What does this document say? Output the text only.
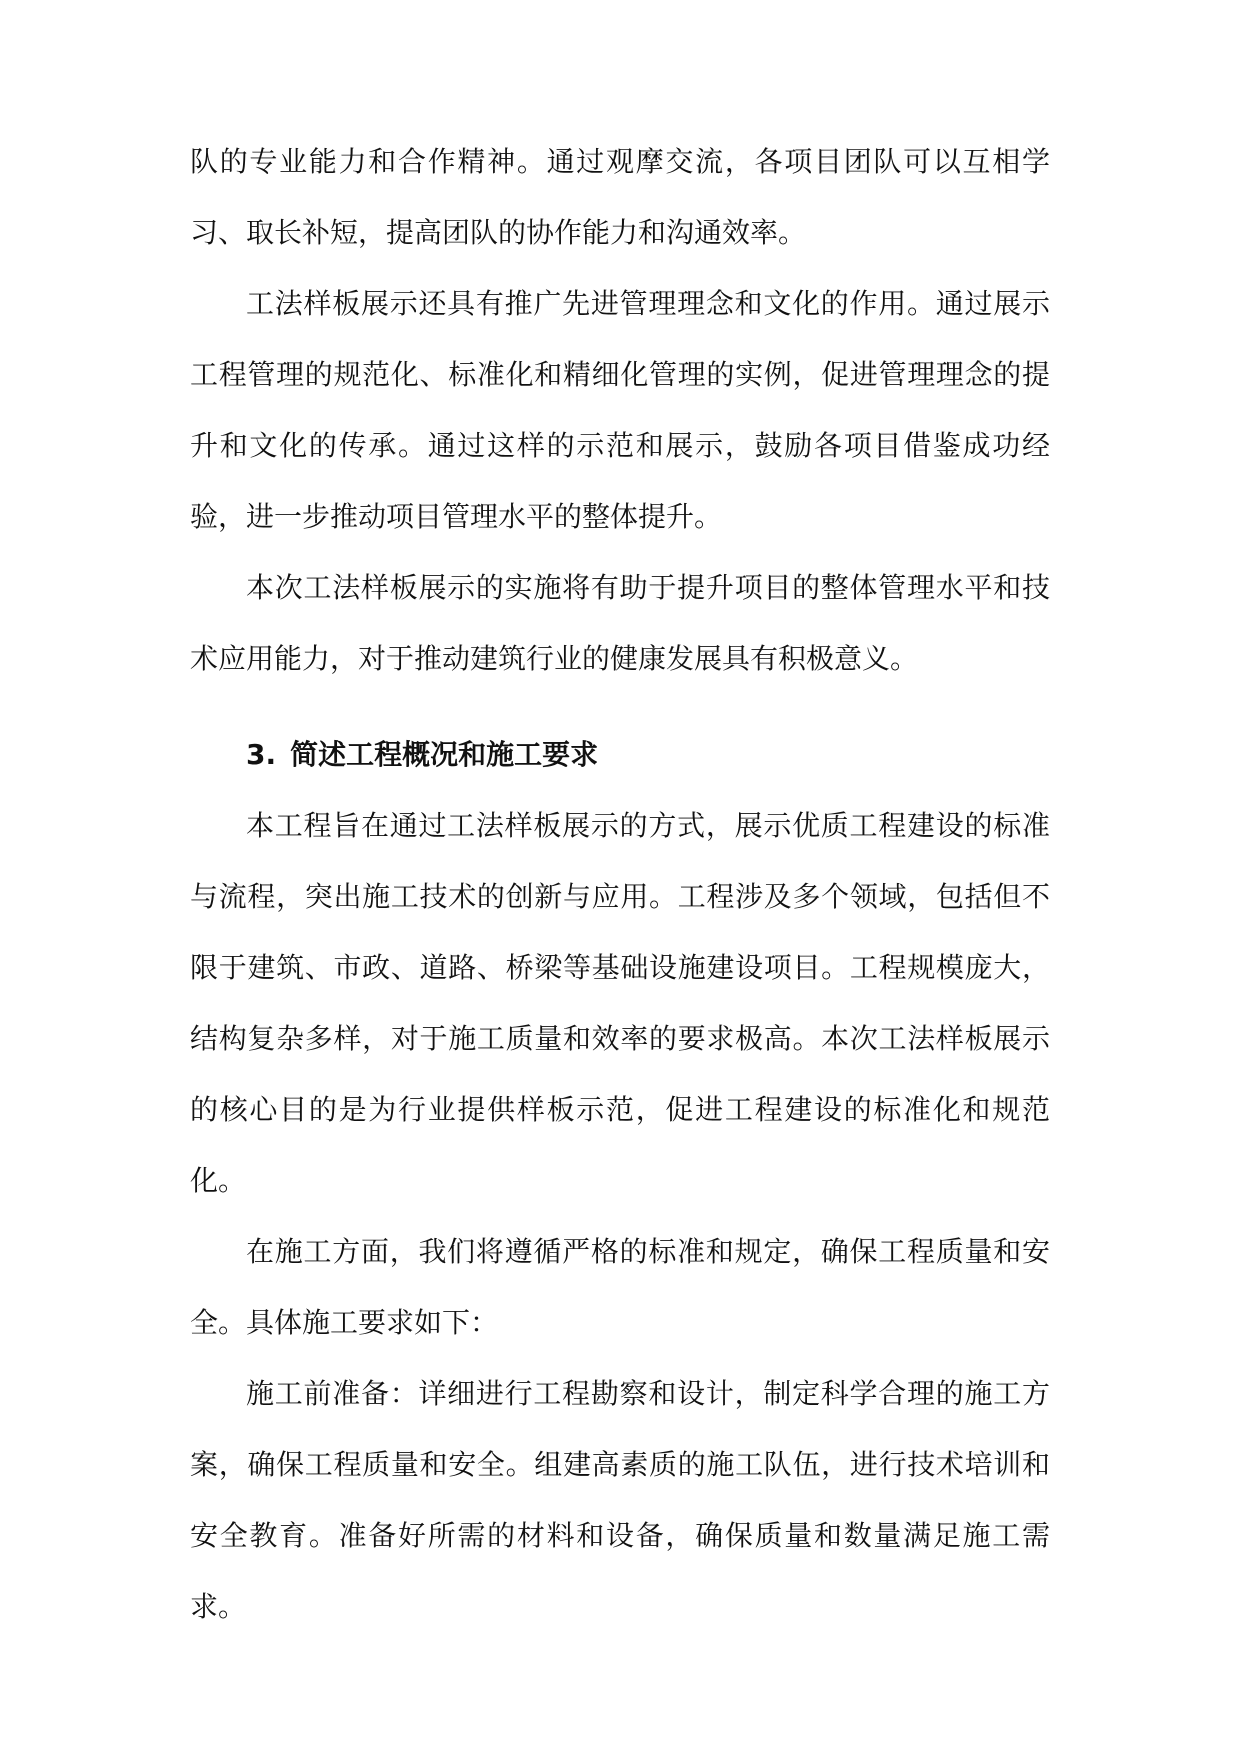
队的专业能力和合作精神。通过观摩交流，各项目团队可以互相学习、取长补短，提高团队的协作能力和沟通效率。

工法样板展示还具有推广先进管理理念和文化的作用。通过展示工程管理的规范化、标准化和精细化管理的实例，促进管理理念的提升和文化的传承。通过这样的示范和展示，鼓励各项目借鉴成功经验，进一步推动项目管理水平的整体提升。

本次工法样板展示的实施将有助于提升项目的整体管理水平和技术应用能力，对于推动建筑行业的健康发展具有积极意义。

3. 简述工程概况和施工要求

本工程旨在通过工法样板展示的方式，展示优质工程建设的标准与流程，突出施工技术的创新与应用。工程涉及多个领域，包括但不限于建筑、市政、道路、桥梁等基础设施建设项目。工程规模庞大，结构复杂多样，对于施工质量和效率的要求极高。本次工法样板展示的核心目的是为行业提供样板示范，促进工程建设的标准化和规范化。

在施工方面，我们将遵循严格的标准和规定，确保工程质量和安全。具体施工要求如下：

施工前准备：详细进行工程勘察和设计，制定科学合理的施工方案，确保工程质量和安全。组建高素质的施工队伍，进行技术培训和安全教育。准备好所需的材料和设备，确保质量和数量满足施工需求。
